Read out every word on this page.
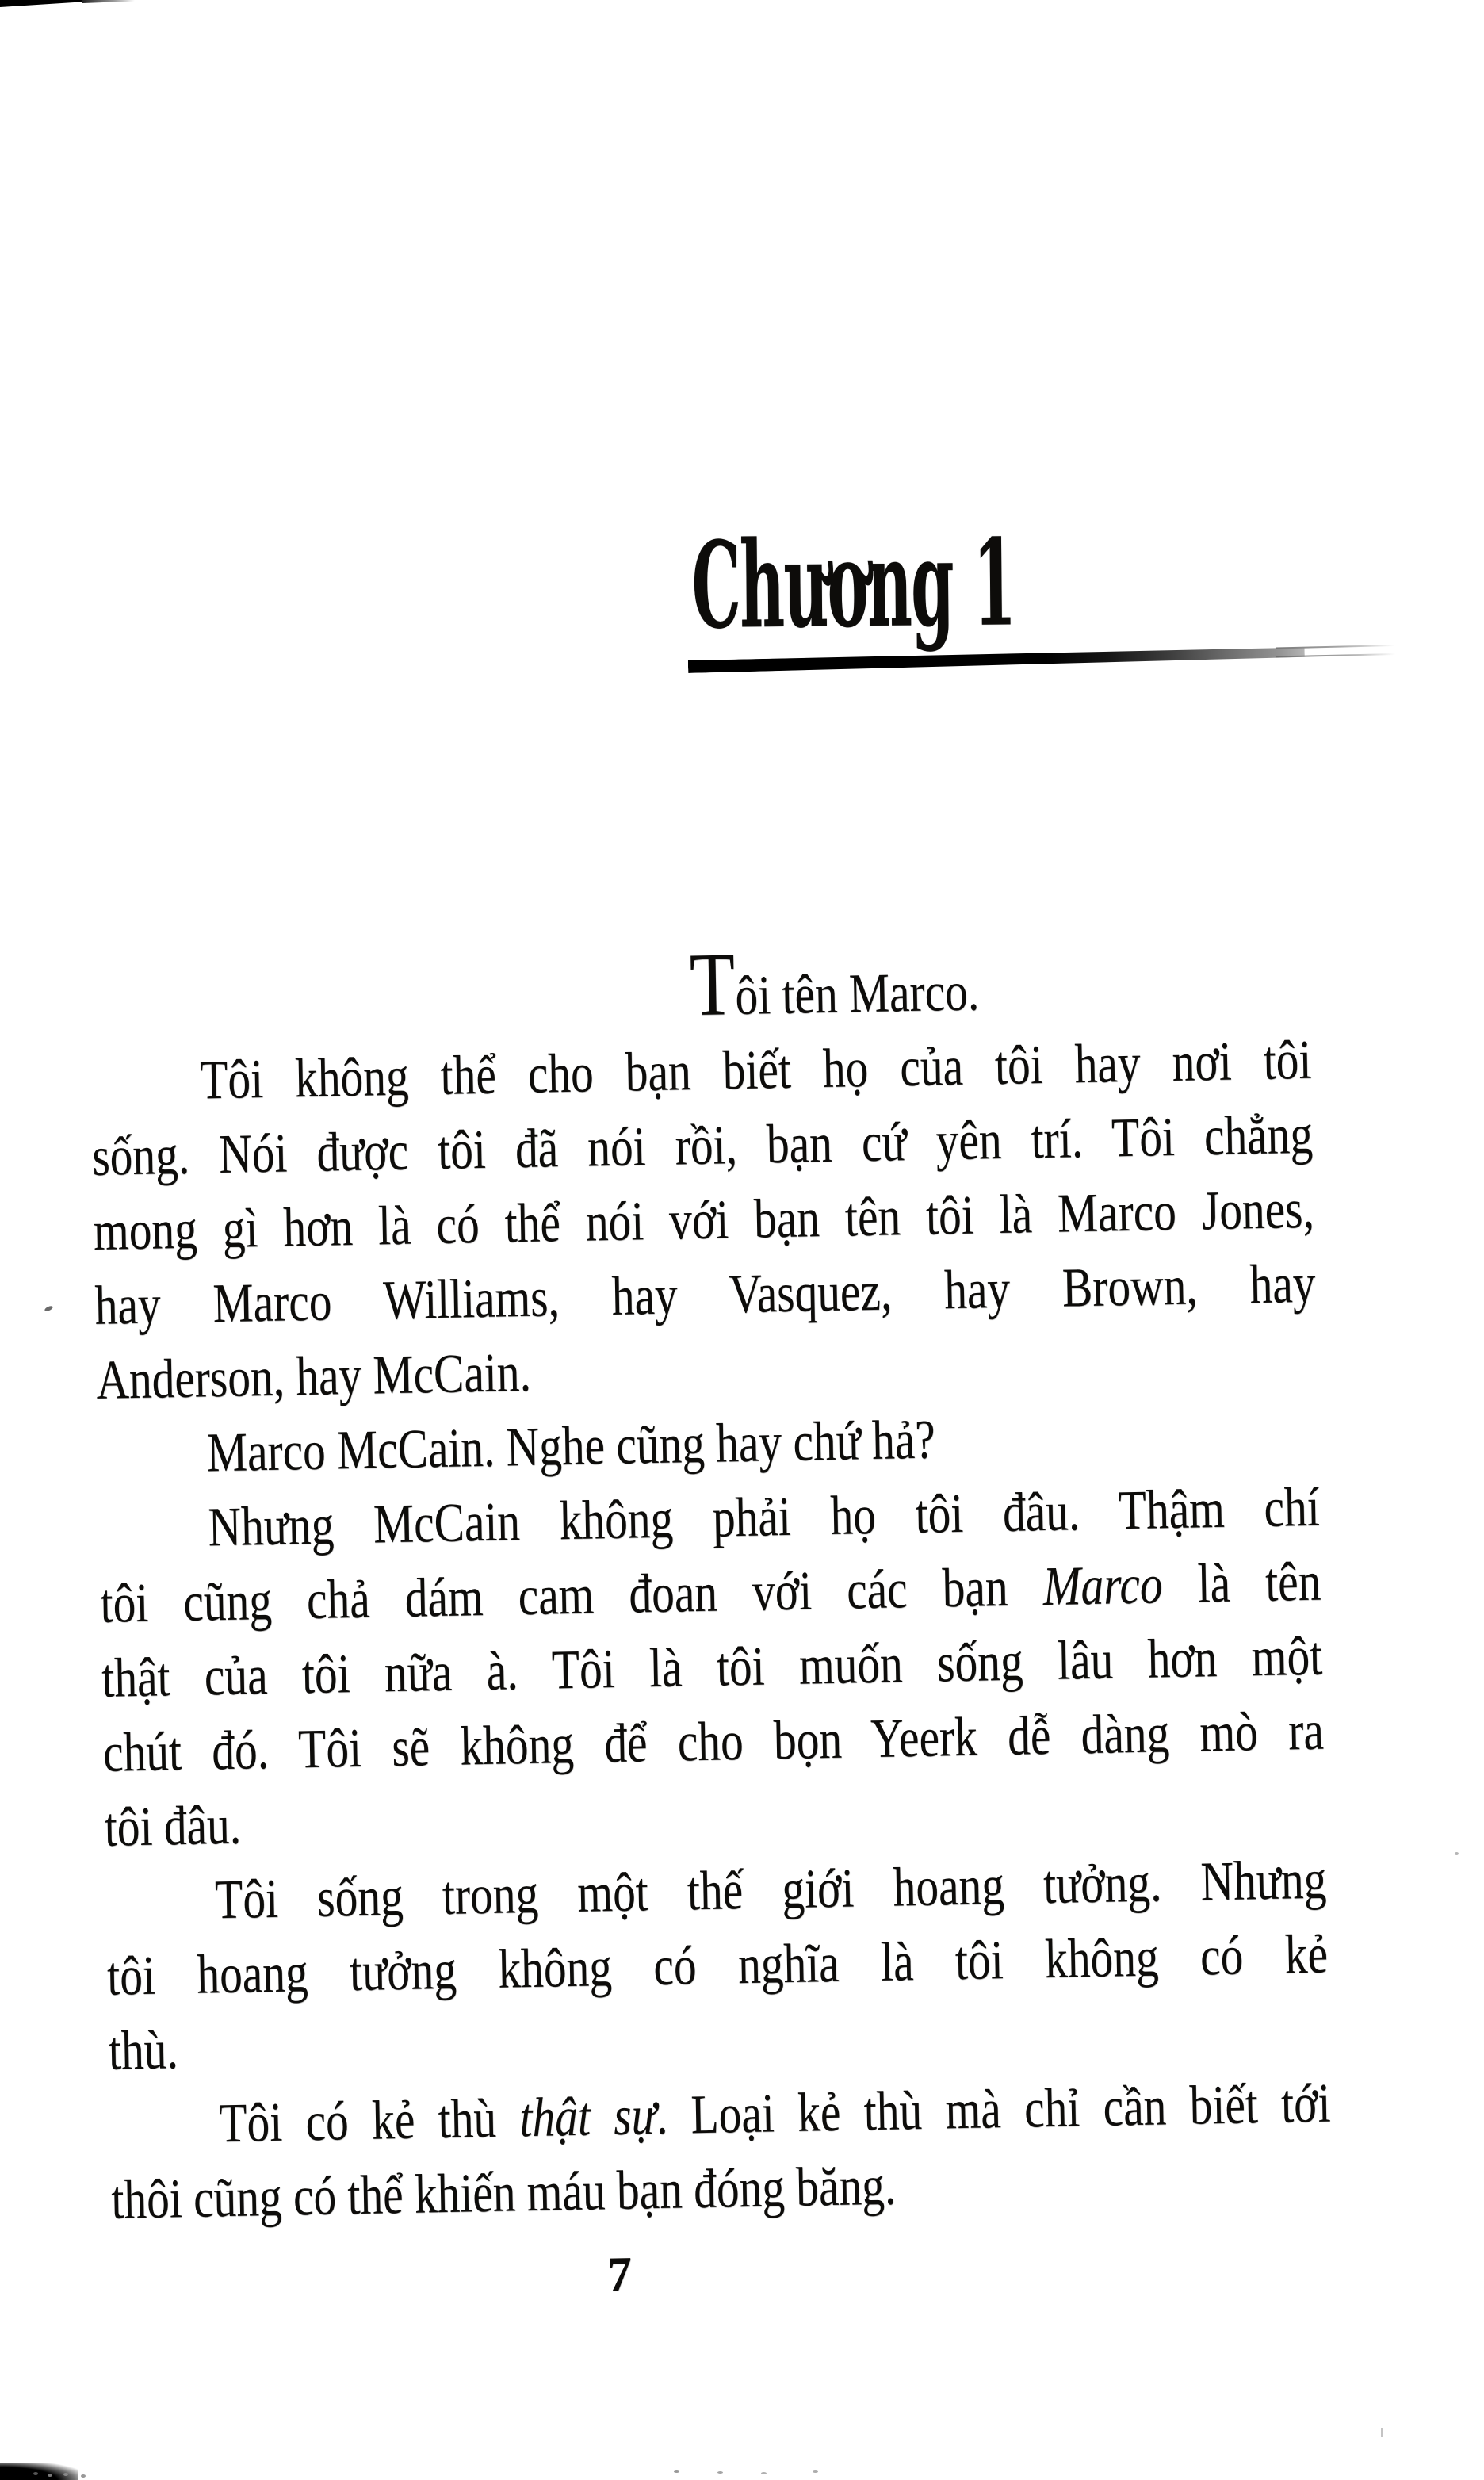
Chương 1
Tôi tên Marco.
Tôi không thể cho bạn biết họ của tôi hay nơi tôi
sống. Nói được tôi đã nói rồi, bạn cứ yên trí. Tôi chẳng
mong gì hơn là có thể nói với bạn tên tôi là Marco Jones,
hay Marco Williams, hay Vasquez, hay Brown, hay
Anderson, hay McCain.
Marco McCain. Nghe cũng hay chứ hả?
Nhưng McCain không phải họ tôi đâu. Thậm chí
tôi cũng chả dám cam đoan với các bạn Marco là tên
thật của tôi nữa à. Tôi là tôi muốn sống lâu hơn một
chút đó. Tôi sẽ không để cho bọn Yeerk dễ dàng mò ra
tôi đâu.
Tôi sống trong một thế giới hoang tưởng. Nhưng
tôi hoang tưởng không có nghĩa là tôi không có kẻ
thù.
Tôi có kẻ thù thật sự. Loại kẻ thù mà chỉ cần biết tới
thôi cũng có thể khiến máu bạn đóng băng.
7
